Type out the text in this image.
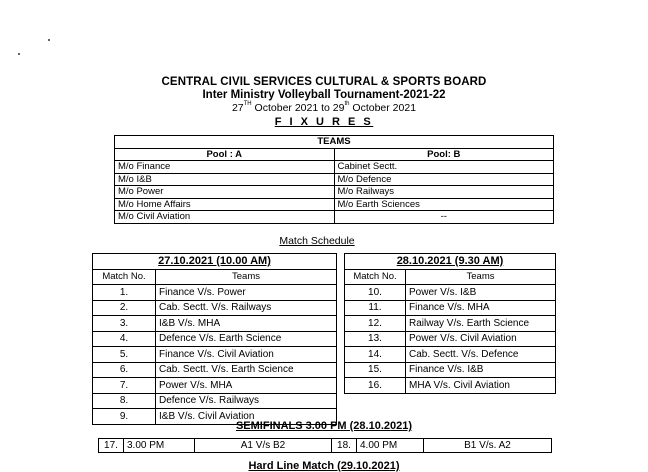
CENTRAL CIVIL SERVICES CULTURAL & SPORTS BOARD
Inter Ministry Volleyball Tournament-2021-22
27TH October 2021 to 29th October 2021
F I X U R E S
TEAMS	
Pool : A	Pool: B
M/o Finance	Cabinet Sectt.
M/o I&B	M/o Defence
M/o Power	M/o Railways
M/o Home Affairs	M/o Earth Sciences
M/o Civil Aviation	--
Match Schedule
27.10.2021 (10.00 AM)	
Match No.	Teams
1.	Finance V/s. Power
2.	Cab. Sectt. V/s. Railways
3.	I&B V/s. MHA
4.	Defence V/s. Earth Science
5.	Finance V/s. Civil Aviation
6.	Cab. Sectt. V/s. Earth Science
7.	Power V/s. MHA
8.	Defence V/s. Railways
9.	I&B V/s. Civil Aviation
28.10.2021 (9.30 AM)	
Match No.	Teams
10.	Power V/s. I&B
11.	Finance V/s. MHA
12.	Railway V/s. Earth Science
13.	Power V/s. Civil Aviation
14.	Cab. Sectt. V/s. Defence
15.	Finance V/s. I&B
16.	MHA V/s. Civil Aviation
SEMIFINALS 3.00 PM (28.10.2021)
17.	3.00 PM	A1 V/s B2	18.	4.00 PM	B1 V/s. A2
Hard Line Match (29.10.2021)
